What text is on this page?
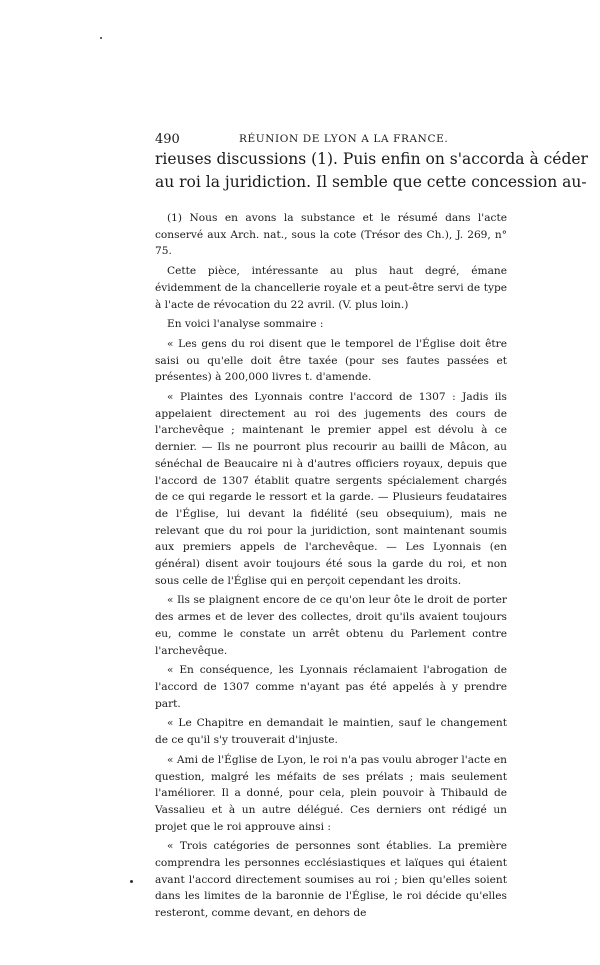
490	RÉUNION DE LYON A LA FRANCE.
rieuses discussions (1). Puis enfin on s'accorda à céder
au roi la juridiction. Il semble que cette concession au-

(1) Nous en avons la substance et le résumé dans l'acte conservé aux Arch. nat., sous la cote (Trésor des Ch.), J. 269, n° 75.

Cette pièce, intéressante au plus haut degré, émane évidemment de la chancellerie royale et a peut-être servi de type à l'acte de révocation du 22 avril. (V. plus loin.)

En voici l'analyse sommaire :

« Les gens du roi disent que le temporel de l'Église doit être saisi ou qu'elle doit être taxée (pour ses fautes passées et présentes) à 200,000 livres t. d'amende.

« Plaintes des Lyonnais contre l'accord de 1307 : Jadis ils appelaient directement au roi des jugements des cours de l'archevêque ; maintenant le premier appel est dévolu à ce dernier. — Ils ne pourront plus recourir au bailli de Mâcon, au sénéchal de Beaucaire ni à d'autres officiers royaux, depuis que l'accord de 1307 établit quatre sergents spécialement chargés de ce qui regarde le ressort et la garde. — Plusieurs feudataires de l'Église, lui devant la fidélité (seu obsequium), mais ne relevant que du roi pour la juridiction, sont maintenant soumis aux premiers appels de l'archevêque. — Les Lyonnais (en général) disent avoir toujours été sous la garde du roi, et non sous celle de l'Église qui en perçoit cependant les droits.

« Ils se plaignent encore de ce qu'on leur ôte le droit de porter des armes et de lever des collectes, droit qu'ils avaient toujours eu, comme le constate un arrêt obtenu du Parlement contre l'archevêque.

« En conséquence, les Lyonnais réclamaient l'abrogation de l'accord de 1307 comme n'ayant pas été appelés à y prendre part.

« Le Chapitre en demandait le maintien, sauf le changement de ce qu'il s'y trouverait d'injuste.

« Ami de l'Église de Lyon, le roi n'a pas voulu abroger l'acte en question, malgré les méfaits de ses prélats ; mais seulement l'améliorer. Il a donné, pour cela, plein pouvoir à Thibauld de Vassalieu et à un autre délégué. Ces derniers ont rédigé un projet que le roi approuve ainsi :

« Trois catégories de personnes sont établies. La première comprendra les personnes ecclésiastiques et laïques qui étaient avant l'accord directement soumises au roi ; bien qu'elles soient dans les limites de la baronnie de l'Église, le roi décide qu'elles resteront, comme devant, en dehors de
